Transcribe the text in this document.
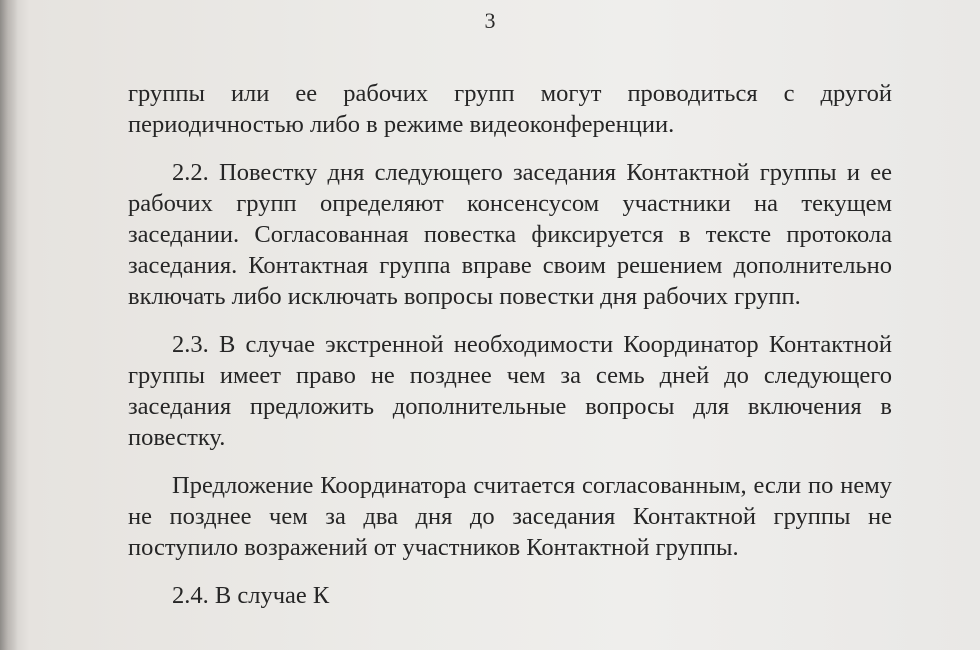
3

группы или ее рабочих групп могут проводиться с другой периодичностью либо в режиме видеоконференции.

2.2. Повестку дня следующего заседания Контактной группы и ее рабочих групп определяют консенсусом участники на текущем заседании. Согласованная повестка фиксируется в тексте протокола заседания. Контактная группа вправе своим решением дополнительно включать либо исключать вопросы повестки дня рабочих групп.

2.3. В случае экстренной необходимости Координатор Контактной группы имеет право не позднее чем за семь дней до следующего заседания предложить дополнительные вопросы для включения в повестку.

Предложение Координатора считается согласованным, если по нему не позднее чем за два дня до заседания Контактной группы не поступило возражений от участников Контактной группы.

2.4. В случае К
